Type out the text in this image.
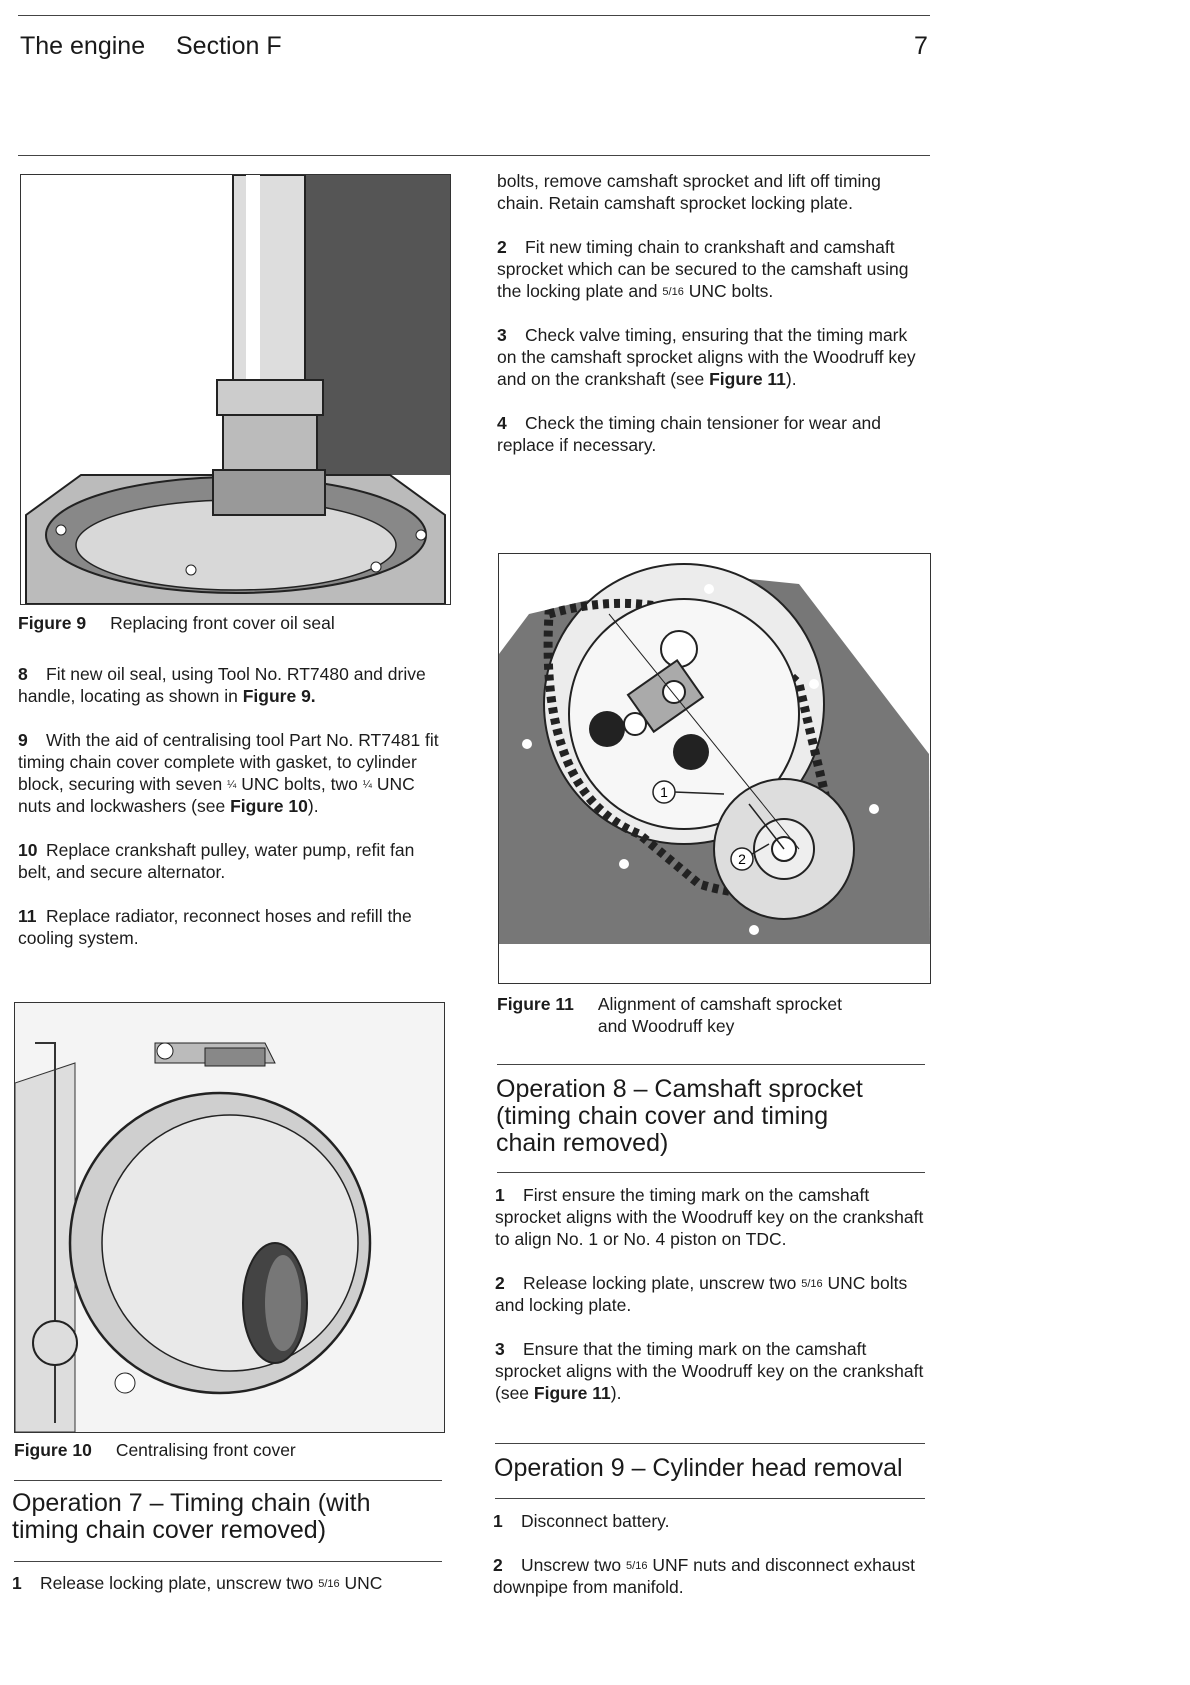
The engine Section F	7
Figure 9 Replacing front cover oil seal

8 Fit new oil seal, using Tool No. RT7480 and drive handle, locating as shown in Figure 9.

9 With the aid of centralising tool Part No. RT7481 fit timing chain cover complete with gasket, to cylinder block, securing with seven ¼ UNC bolts, two ¼ UNC nuts and lockwashers (see Figure 10).

10 Replace crankshaft pulley, water pump, refit fan belt, and secure alternator.

11 Replace radiator, reconnect hoses and refill the cooling system.

Figure 10 Centralising front cover
Operation 7 – Timing chain (with
timing chain cover removed)
1 Release locking plate, unscrew two 5/16 UNC

bolts, remove camshaft sprocket and lift off timing chain. Retain camshaft sprocket locking plate.

2 Fit new timing chain to crankshaft and camshaft sprocket which can be secured to the camshaft using the locking plate and 5/16 UNC bolts.

3 Check valve timing, ensuring that the timing mark on the camshaft sprocket aligns with the Woodruff key and on the crankshaft (see Figure 11).

4 Check the timing chain tensioner for wear and replace if necessary.

1
2
Figure 11 Alignment of camshaft sprocket
and Woodruff key
Operation 8 – Camshaft sprocket
(timing chain cover and timing
chain removed)

1 First ensure the timing mark on the camshaft sprocket aligns with the Woodruff key on the crankshaft to align No. 1 or No. 4 piston on TDC.

2 Release locking plate, unscrew two 5/16 UNC bolts and locking plate.

3 Ensure that the timing mark on the camshaft sprocket aligns with the Woodruff key on the crankshaft (see Figure 11).

Operation 9 – Cylinder head removal

1 Disconnect battery.

2 Unscrew two 5/16 UNF nuts and disconnect exhaust downpipe from manifold.
